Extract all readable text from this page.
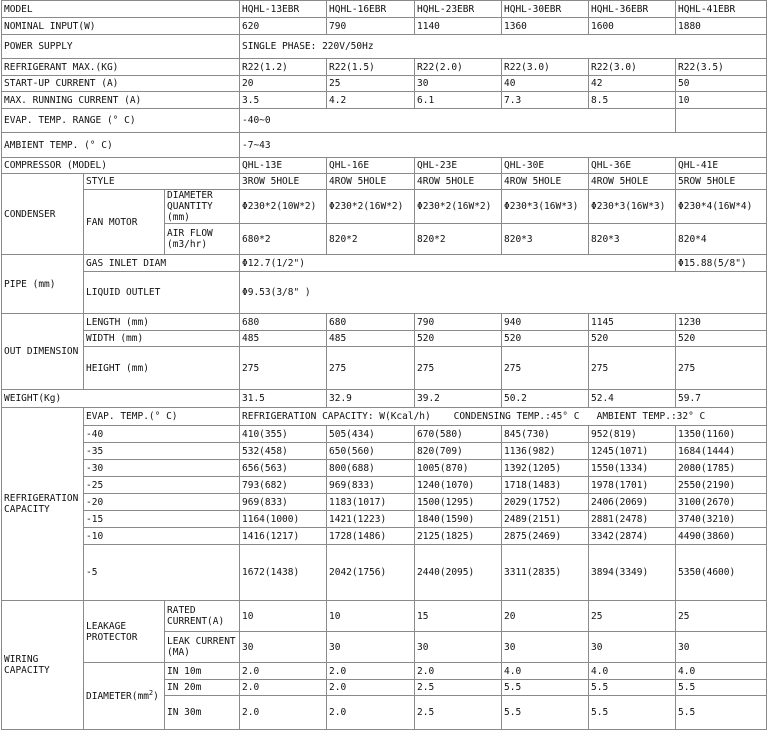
MODEL			HQHL-13EBR	HQHL-16EBR	HQHL-23EBR	HQHL-30EBR	HQHL-36EBR	HQHL-41EBR
NOMINAL INPUT(W)			620	790	1140	1360	1600	1880
POWER SUPPLY			SINGLE PHASE: 220V/50Hz					
REFRIGERANT MAX.(KG)			R22(1.2)	R22(1.5)	R22(2.0)	R22(3.0)	R22(3.0)	R22(3.5)
START-UP CURRENT (A)			20	25	30	40	42	50
MAX. RUNNING CURRENT (A)			3.5	4.2	6.1	7.3	8.5	10
EVAP. TEMP. RANGE (° C)			-40~0					
AMBIENT TEMP. (° C)			-7~43					
COMPRESSOR (MODEL)			QHL-13E	QHL-16E	QHL-23E	QHL-30E	QHL-36E	QHL-41E
CONDENSER	STYLE		3ROW 5HOLE	4ROW 5HOLE	4ROW 5HOLE	4ROW 5HOLE	4ROW 5HOLE	5ROW 5HOLE
	FAN MOTOR	DIAMETER QUANTITY (mm)	Φ230*2(10W*2)	Φ230*2(16W*2)	Φ230*2(16W*2)	Φ230*3(16W*3)	Φ230*3(16W*3)	Φ230*4(16W*4)
		AIR FLOW (m3/hr)	680*2	820*2	820*2	820*3	820*3	820*4
PIPE (mm)	GAS INLET DIAM		Φ12.7(1/2")					Φ15.88(5/8")
	LIQUID OUTLET		Φ9.53(3/8" )					
OUT DIMENSION	LENGTH (mm)		680	680	790	940	1145	1230
	WIDTH (mm)		485	485	520	520	520	520
	HEIGHT (mm)		275	275	275	275	275	275
WEIGHT(Kg)			31.5	32.9	39.2	50.2	52.4	59.7
REFRIGERATION CAPACITY	EVAP. TEMP.(° C)		REFRIGERATION CAPACITY: W(Kcal/h)    CONDENSING TEMP.:45° C   AMBIENT TEMP.:32° C					
	-40		410(355)	505(434)	670(580)	845(730)	952(819)	1350(1160)
	-35		532(458)	650(560)	820(709)	1136(982)	1245(1071)	1684(1444)
	-30		656(563)	800(688)	1005(870)	1392(1205)	1550(1334)	2080(1785)
	-25		793(682)	969(833)	1240(1070)	1718(1483)	1978(1701)	2550(2190)
	-20		969(833)	1183(1017)	1500(1295)	2029(1752)	2406(2069)	3100(2670)
	-15		1164(1000)	1421(1223)	1840(1590)	2489(2151)	2881(2478)	3740(3210)
	-10		1416(1217)	1728(1486)	2125(1825)	2875(2469)	3342(2874)	4490(3860)
	-5		1672(1438)	2042(1756)	2440(2095)	3311(2835)	3894(3349)	5350(4600)
WIRING CAPACITY	LEAKAGE PROTECTOR	RATED CURRENT(A)	10	10	15	20	25	25
		LEAK CURRENT (MA)	30	30	30	30	30	30
	$DIAMETER(mm^2)$	IN 10m	2.0	2.0	2.0	4.0	4.0	4.0
		IN 20m	2.0	2.0	2.5	5.5	5.5	5.5
		IN 30m	2.0	2.0	2.5	5.5	5.5	5.5
